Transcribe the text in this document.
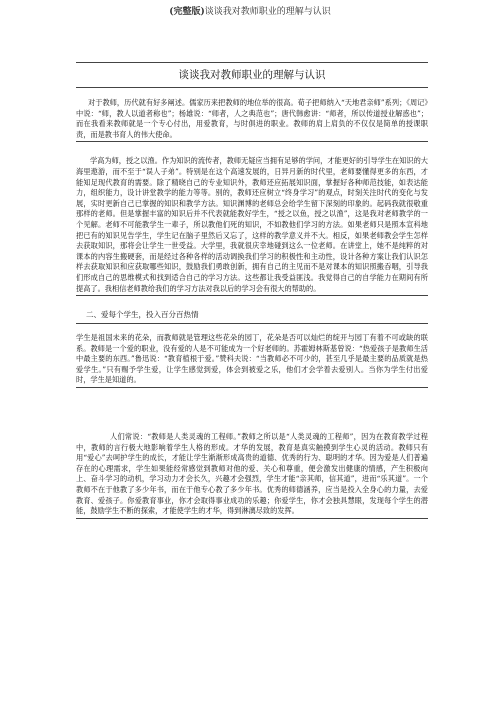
(完整版)谈谈我对教师职业的理解与认识
谈谈我对教师职业的理解与认识

对于教师，历代就有好多阐述。儒家历来把教师的地位举的很高。荀子把师纳入“天地君亲师”系列；《周记》中说：“师，教人以道者称也”；杨雄说：“师者，人之典范也”；唐代韩愈讲：“师者，所以传道授业解惑也”；而在我看来教师就是一个专心付出，用爱教育，与时俱进的职业。教师的肩上肩负的不仅仅是简单的授课职责，而是教书育人的伟大使命。

学高为师，授之以渔。作为知识的流传者，教师无疑应当拥有足够的学问，才能更好的引导学生在知识的大海里遨游，而不至于“误人子弟”。特别是在这个高速发展的，日异月新的时代里，老师要懂得更多的东西，才能知足现代教育的需要。除了精晓自己的专业知识外，教师还应拓展知识面，掌握好各种师范技能，如表达能力，组织能力，设计讲堂教学的能力等等。别的，教师还应树立“终身学习”的观点，时刻关注时代的变化与发展，实时更新自己已掌握的知识和教学方法。知识渊博的老师总会给学生留下深刻的印象的。起码我就很敬重那样的老师。但是掌握丰富的知识后并不代表就能教好学生，“授之以鱼，授之以渔”，这是我对老师教学的一个见解。老师不可能教学生一辈子，所以教他们死的知识，不如教他们学习的方法。如果老师只是照本宣科地把已有的知识见告学生，学生记在脑子里然后又忘了，这样的教学意义并不大。相反，如果老师教会学生怎样去获取知识，那将会让学生一世受益。大学里，我就很庆幸地碰到这么一位老师。在讲堂上，她不是纯粹的对课本的内容生搬硬套，而是经过各种各样的活动调换我们学习的积极性和主动性，设计各种方案让我们认识怎样去获取知识和应获取哪些知识，鼓励我们勇敢创新，拥有自己的主见而不是对课本的知识照搬吞咽，引导我们形成自己的思维模式和找到适合自己的学习方法。这些都让我受益匪浅。我觉得自己的自学能力在期间有所提高了。我相信老师教给我们的学习方法对我以后的学习会有很大的帮助的。

二、爱每个学生，投入百分百热情

学生是祖国未来的花朵，而教师就是管理这些花朵的园丁，花朵是否可以灿烂的绽开与园丁有着不可或缺的联系。教师是一个爱的职业，没有爱的人是不可能成为一个好老师的。苏霍姆林斯基曾说：“热爱孩子是教师生活中最主要的东西。”鲁迅说：“教育植根于爱。”赞科夫说：“当教师必不可少的，甚至几乎是最主要的品质就是热爱学生。”只有赐予学生爱，让学生感觉到爱，体会到被爱之乐，他们才会学着去爱别人。当你为学生付出爱时，学生是知道的。

人们常说：“教师是人类灵魂的工程师。”教师之所以是“人类灵魂的工程师”，因为在教育教学过程中，教师的言行极大地影响着学生人格的形成。才华的发展，教育是真实触摸到学生心灵的活动。教师只有用“爱心”去呵护学生的成长，才能让学生渐渐形成高贵的道德、优秀的行为、聪明的才华。因为爱是人们普遍存在的心理需求，学生如果能经常感觉到教师对他的爱、关心和尊重，便会激发出健康的情感，产生积极向上、奋斗学习的动机，学习动力才会长久，兴趣才会强烈，学生才能“亲其师，信其道”，进而“乐其道”。一个教师不在于他教了多少年书，而在于他专心教了多少年书。优秀的师德涵养，应当是投入全身心的力量，去爱教育、爱孩子。你爱教育事业，你才会取得事业成功的乐趣；你爱学生，你才会独具慧眼，发现每个学生的潜能，鼓励学生不断的探索，才能使学生的才华，得到淋漓尽致的发挥。
